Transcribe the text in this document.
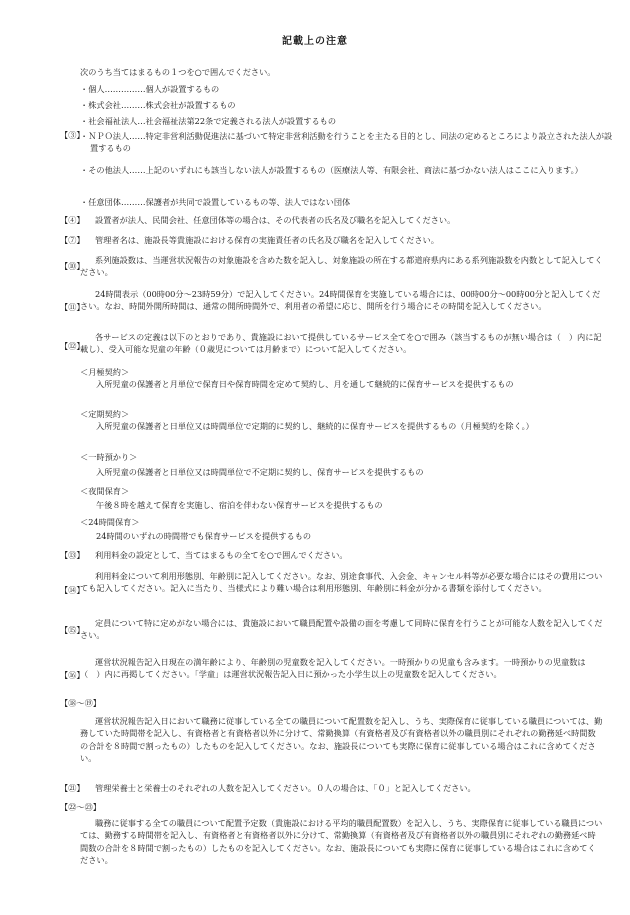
記載上の注意
【③】
次のうち当てはまるもの１つを○で囲んでください。
・個人……………個人が設置するもの
・株式会社………株式会社が設置するもの
・社会福祉法人…社会福祉法第22条で定義される法人が設置するもの
・ＮＰＯ法人……特定非営利活動促進法に基づいて特定非営利活動を行うことを主たる目的とし、同法の定めるところにより設立された法人が設置するもの
・その他法人……上記のいずれにも該当しない法人が設置するもの（医療法人等、有限会社、商法に基づかない法人はここに入ります。）
・任意団体………保護者が共同で設置しているもの等、法人ではない団体
【④】 設置者が法人、民間会社、任意団体等の場合は、その代表者の氏名及び職名を記入してください。
【⑦】 管理者名は、施設長等貴施設における保育の実施責任者の氏名及び職名を記入してください。
【⑩】
系列施設数は、当運営状況報告の対象施設を含めた数を記入し、対象施設の所在する都道府県内にある系列施設数を内数として記入してください。
【⑪】
24時間表示（00時00分～23時59分）で記入してください。24時間保育を実施している場合には、00時00分～00時00分と記入してください。なお、時間外開所時間は、通常の開所時間外で、利用者の希望に応じ、開所を行う場合にその時間を記入してください。
【⑫】
各サービスの定義は以下のとおりであり、貴施設において提供しているサービス全てを○で囲み（該当するものが無い場合は（　）内に記載し）、受入可能な児童の年齢（０歳児については月齢まで）について記入してください。
＜月極契約＞
入所児童の保護者と月単位で保育日や保育時間を定めて契約し、月を通して継続的に保育サービスを提供するもの
＜定期契約＞
入所児童の保護者と日単位又は時間単位で定期的に契約し、継続的に保育サービスを提供するもの（月極契約を除く。）
＜一時預かり＞
入所児童の保護者と日単位又は時間単位で不定期に契約し、保育サービスを提供するもの
＜夜間保育＞
午後８時を越えて保育を実施し、宿泊を伴わない保育サービスを提供するもの
＜24時間保育＞
24時間のいずれの時間帯でも保育サービスを提供するもの
【⑬】 利用料金の設定として、当てはまるもの全てを○で囲んでください。
【⑭】
利用料金について利用形態別、年齢別に記入してください。なお、別途食事代、入会金、キャンセル料等が必要な場合にはその費用についても記入してください。記入に当たり、当様式により難い場合は利用形態別、年齢別に料金が分かる書類を添付してください。
【⑮】
定員について特に定めがない場合には、貴施設において職員配置や設備の面を考慮して同時に保育を行うことが可能な人数を記入してください。
【⑯】
運営状況報告記入日現在の満年齢により、年齢別の児童数を記入してください。一時預かりの児童も含みます。一時預かりの児童数は（　）内に再掲してください。「学童」は運営状況報告記入日に預かった小学生以上の児童数を記入してください。
【⑱～⑲】
運営状況報告記入日において職務に従事している全ての職員について配置数を記入し、うち、実際保育に従事している職員については、勤務していた時間帯を記入し、有資格者と有資格者以外に分けて、常勤換算（有資格者及び有資格者以外の職員別にそれぞれの勤務延べ時間数の合計を８時間で割ったもの）したものを記入してください。なお、施設長についても実際に保育に従事している場合はこれに含めてください。
【㉑】 管理栄養士と栄養士のそれぞれの人数を記入してください。０人の場合は、「０」と記入してください。
【㉒～㉓】
職務に従事する全ての職員について配置予定数（貴施設における平均的職員配置数）を記入し、うち、実際保育に従事している職員については、勤務する時間帯を記入し、有資格者と有資格者以外に分けて、常勤換算（有資格者及び有資格者以外の職員別にそれぞれの勤務延べ時間数の合計を８時間で割ったもの）したものを記入してください。なお、施設長についても実際に保育に従事している場合はこれに含めてください。
